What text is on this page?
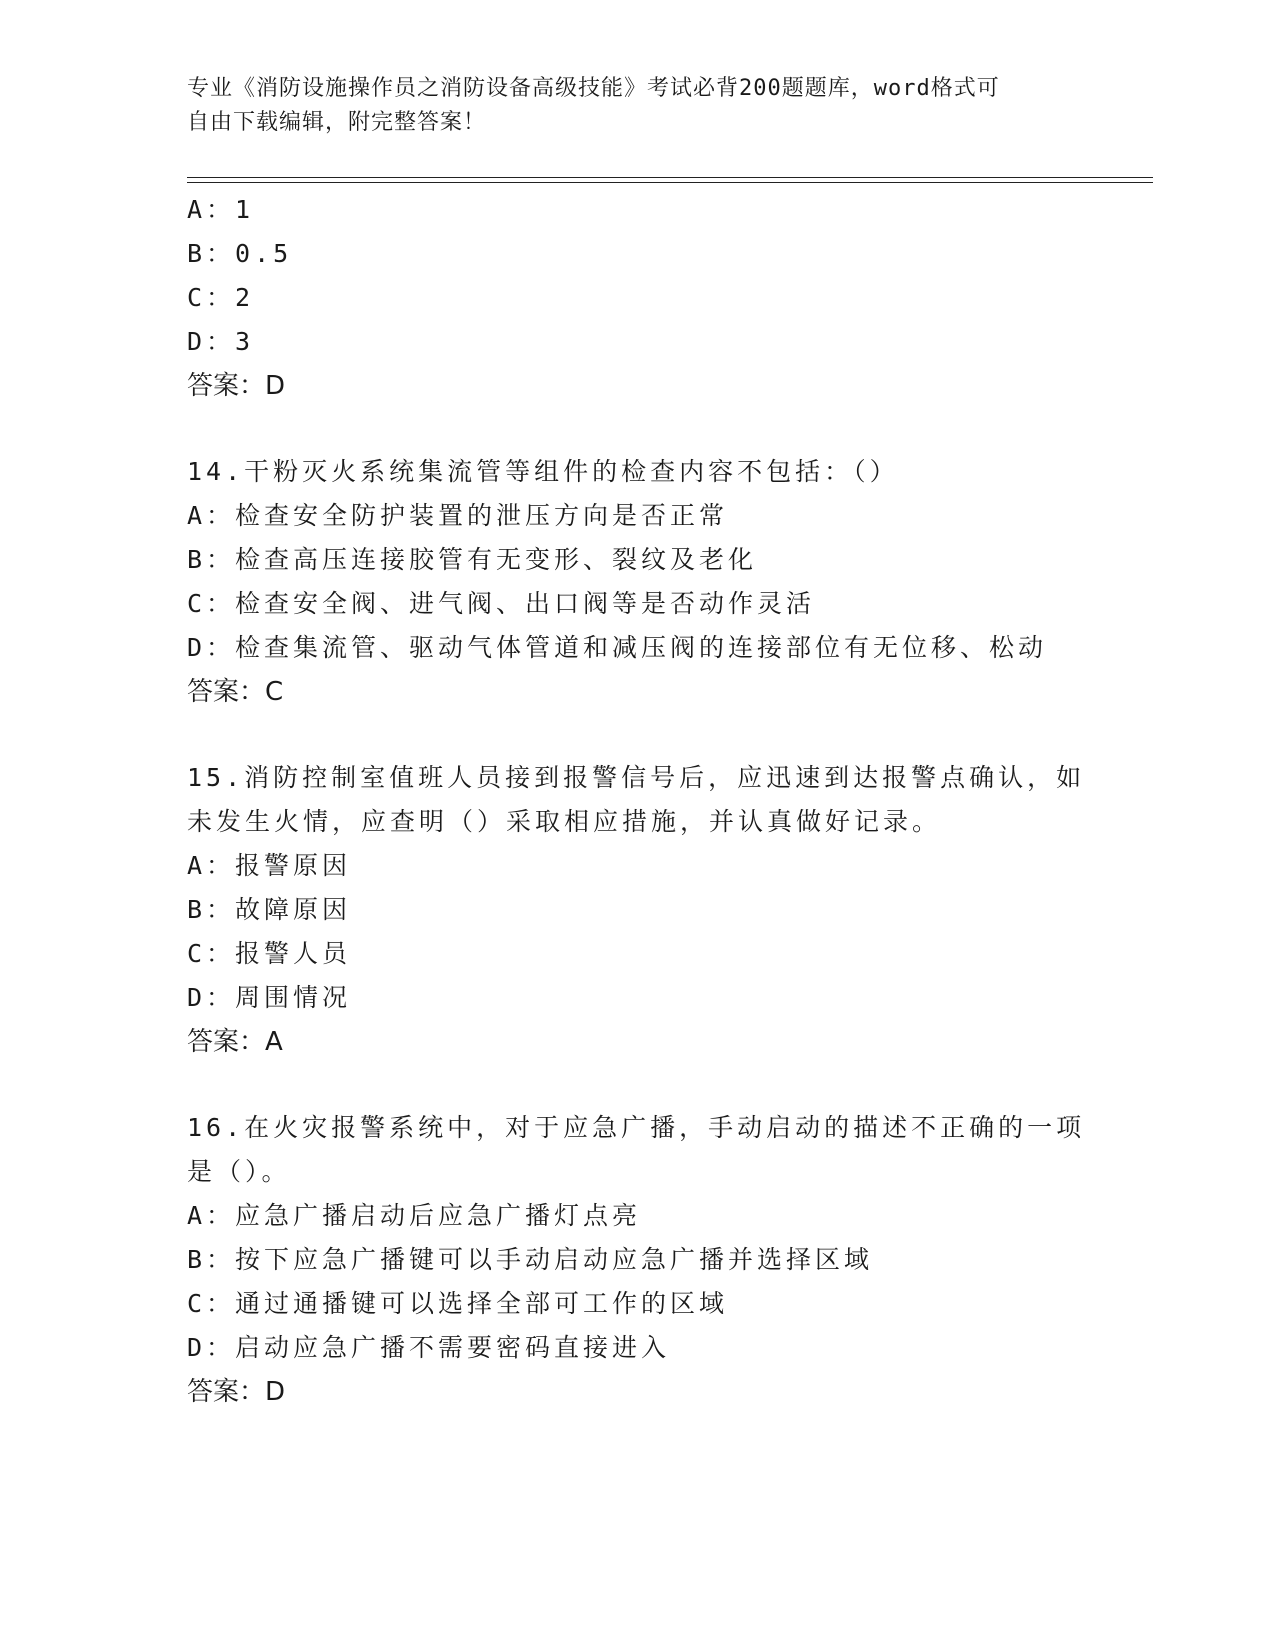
专业《消防设施操作员之消防设备高级技能》考试必背200题题库，word格式可
自由下载编辑，附完整答案！
A：1
B：0.5
C：2
D：3
答案：D
14.干粉灭火系统集流管等组件的检查内容不包括：（）
A：检查安全防护装置的泄压方向是否正常
B：检查高压连接胶管有无变形、裂纹及老化
C：检查安全阀、进气阀、出口阀等是否动作灵活
D：检查集流管、驱动气体管道和减压阀的连接部位有无位移、松动
答案：C
15.消防控制室值班人员接到报警信号后，应迅速到达报警点确认，如
未发生火情，应查明（）采取相应措施，并认真做好记录。
A：报警原因
B：故障原因
C：报警人员
D：周围情况
答案：A
16.在火灾报警系统中，对于应急广播，手动启动的描述不正确的一项
是（）。
A：应急广播启动后应急广播灯点亮
B：按下应急广播键可以手动启动应急广播并选择区域
C：通过通播键可以选择全部可工作的区域
D：启动应急广播不需要密码直接进入
答案：D
